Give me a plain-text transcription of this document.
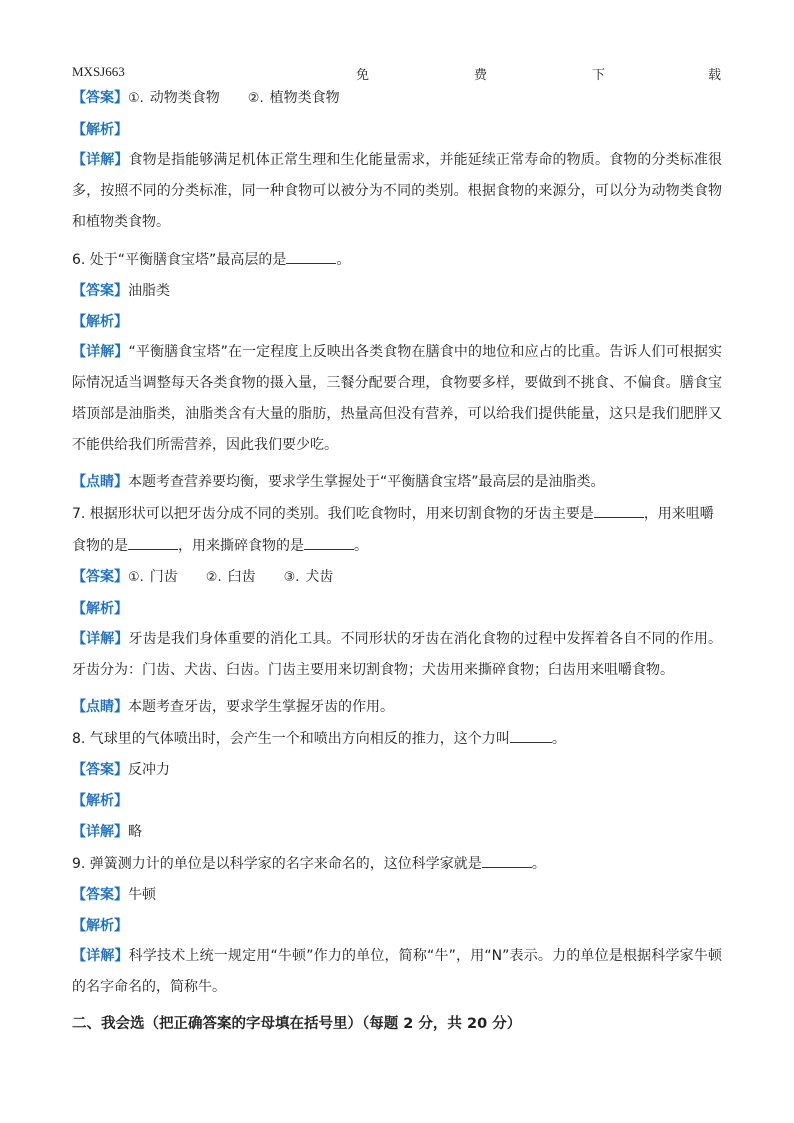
MXSJ663	免	费	下	载
【答案】①. 动物类食物 ②. 植物类食物
【解析】
【详解】食物是指能够满足机体正常生理和生化能量需求，并能延续正常寿命的物质。食物的分类标准很多，按照不同的分类标准，同一种食物可以被分为不同的类别。根据食物的来源分，可以分为动物类食物和植物类食物。
6. 处于“平衡膳食宝塔”最高层的是	。
【答案】油脂类
【解析】
【详解】“平衡膳食宝塔”在一定程度上反映出各类食物在膳食中的地位和应占的比重。告诉人们可根据实际情况适当调整每天各类食物的摄入量，三餐分配要合理，食物要多样，要做到不挑食、不偏食。膳食宝塔顶部是油脂类，油脂类含有大量的脂肪，热量高但没有营养，可以给我们提供能量，这只是我们肥胖又不能供给我们所需营养，因此我们要少吃。
【点睛】本题考查营养要均衡，要求学生掌握处于“平衡膳食宝塔”最高层的是油脂类。
7. 根据形状可以把牙齿分成不同的类别。我们吃食物时，用来切割食物的牙齿主要是	，用来咀嚼
食物的是	，用来撕碎食物的是	。
【答案】①. 门齿 ②. 臼齿 ③. 犬齿
【解析】
【详解】牙齿是我们身体重要的消化工具。不同形状的牙齿在消化食物的过程中发挥着各自不同的作用。牙齿分为：门齿、犬齿、臼齿。门齿主要用来切割食物；犬齿用来撕碎食物；臼齿用来咀嚼食物。
【点睛】本题考查牙齿，要求学生掌握牙齿的作用。
8. 气球里的气体喷出时，会产生一个和喷出方向相反的推力，这个力叫	。
【答案】反冲力
【解析】
【详解】略
9. 弹簧测力计的单位是以科学家的名字来命名的，这位科学家就是	。
【答案】牛顿
【解析】
【详解】科学技术上统一规定用“牛顿”作力的单位，简称“牛”，用“N”表示。力的单位是根据科学家牛顿的名字命名的，简称牛。
二、我会选（把正确答案的字母填在括号里）（每题 2 分，共 20 分）
